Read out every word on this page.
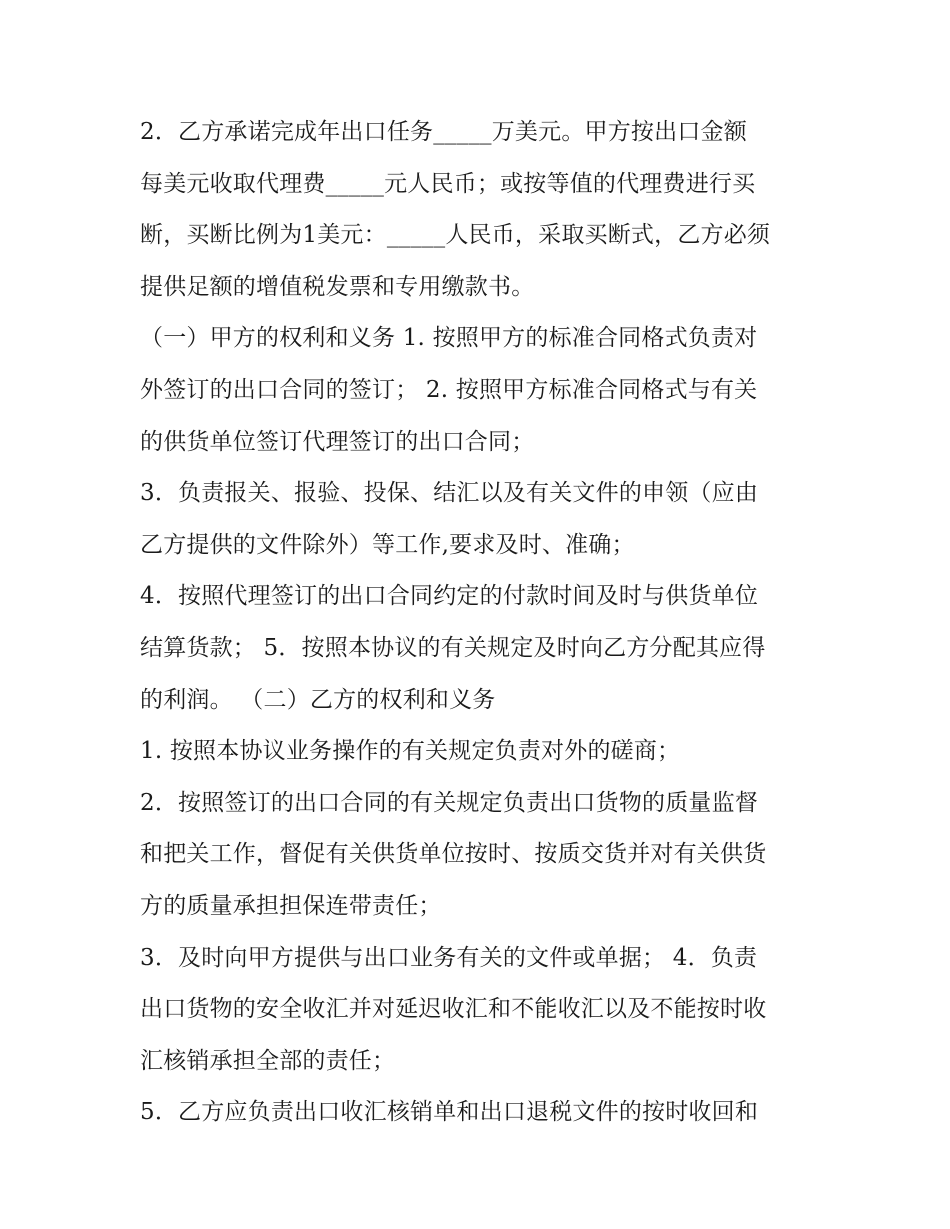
2．乙方承诺完成年出口任务_____万美元。甲方按出口金额
每美元收取代理费_____元人民币；或按等值的代理费进行买
断，买断比例为1美元：_____人民币，采取买断式，乙方必须
提供足额的增值税发票和专用缴款书。
（一）甲方的权利和义务 1. 按照甲方的标准合同格式负责对
外签订的出口合同的签订； 2. 按照甲方标准合同格式与有关
的供货单位签订代理签订的出口合同；
3．负责报关、报验、投保、结汇以及有关文件的申领（应由
乙方提供的文件除外）等工作,要求及时、准确；
4．按照代理签订的出口合同约定的付款时间及时与供货单位
结算货款； 5．按照本协议的有关规定及时向乙方分配其应得
的利润。 （二）乙方的权利和义务
1. 按照本协议业务操作的有关规定负责对外的磋商；
2．按照签订的出口合同的有关规定负责出口货物的质量监督
和把关工作，督促有关供货单位按时、按质交货并对有关供货
方的质量承担担保连带责任；
3．及时向甲方提供与出口业务有关的文件或单据； 4．负责
出口货物的安全收汇并对延迟收汇和不能收汇以及不能按时收
汇核销承担全部的责任；
5．乙方应负责出口收汇核销单和出口退税文件的按时收回和
